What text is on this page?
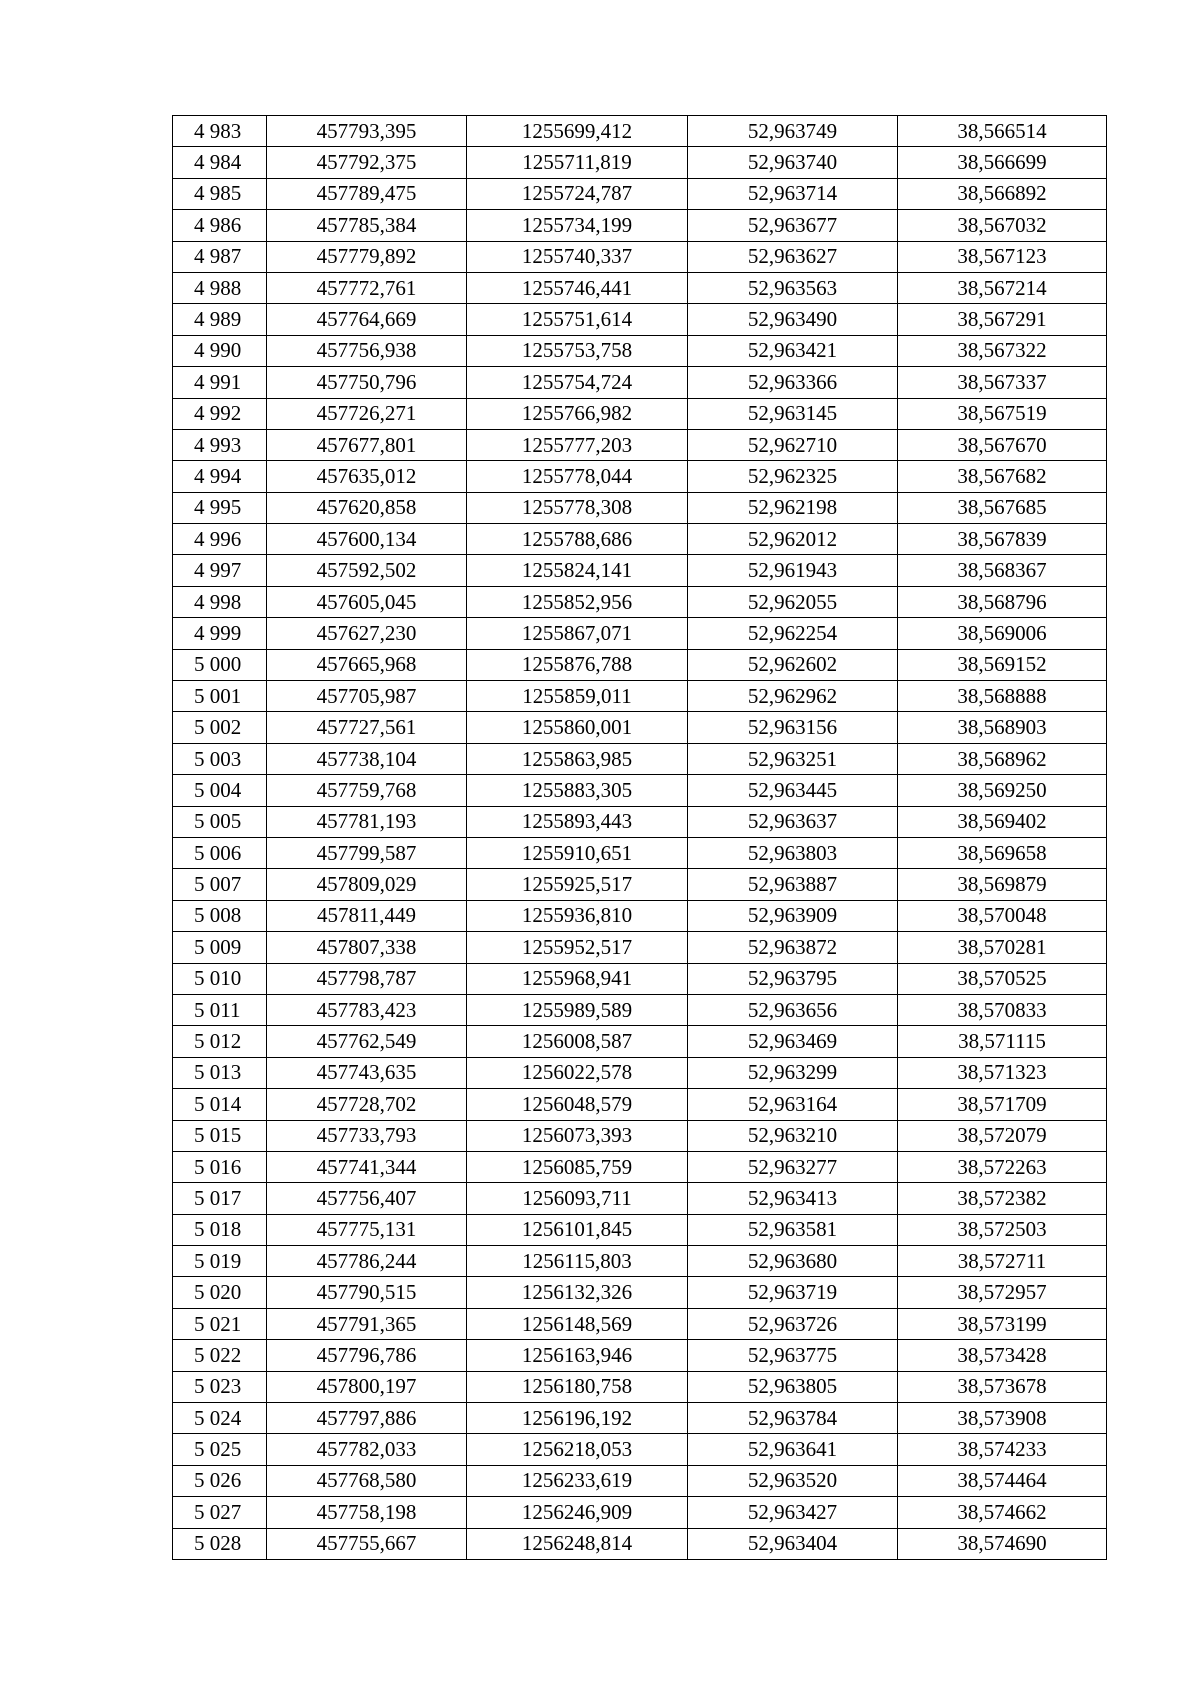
4 983	457793,395	1255699,412	52,963749	38,566514
4 984	457792,375	1255711,819	52,963740	38,566699
4 985	457789,475	1255724,787	52,963714	38,566892
4 986	457785,384	1255734,199	52,963677	38,567032
4 987	457779,892	1255740,337	52,963627	38,567123
4 988	457772,761	1255746,441	52,963563	38,567214
4 989	457764,669	1255751,614	52,963490	38,567291
4 990	457756,938	1255753,758	52,963421	38,567322
4 991	457750,796	1255754,724	52,963366	38,567337
4 992	457726,271	1255766,982	52,963145	38,567519
4 993	457677,801	1255777,203	52,962710	38,567670
4 994	457635,012	1255778,044	52,962325	38,567682
4 995	457620,858	1255778,308	52,962198	38,567685
4 996	457600,134	1255788,686	52,962012	38,567839
4 997	457592,502	1255824,141	52,961943	38,568367
4 998	457605,045	1255852,956	52,962055	38,568796
4 999	457627,230	1255867,071	52,962254	38,569006
5 000	457665,968	1255876,788	52,962602	38,569152
5 001	457705,987	1255859,011	52,962962	38,568888
5 002	457727,561	1255860,001	52,963156	38,568903
5 003	457738,104	1255863,985	52,963251	38,568962
5 004	457759,768	1255883,305	52,963445	38,569250
5 005	457781,193	1255893,443	52,963637	38,569402
5 006	457799,587	1255910,651	52,963803	38,569658
5 007	457809,029	1255925,517	52,963887	38,569879
5 008	457811,449	1255936,810	52,963909	38,570048
5 009	457807,338	1255952,517	52,963872	38,570281
5 010	457798,787	1255968,941	52,963795	38,570525
5 011	457783,423	1255989,589	52,963656	38,570833
5 012	457762,549	1256008,587	52,963469	38,571115
5 013	457743,635	1256022,578	52,963299	38,571323
5 014	457728,702	1256048,579	52,963164	38,571709
5 015	457733,793	1256073,393	52,963210	38,572079
5 016	457741,344	1256085,759	52,963277	38,572263
5 017	457756,407	1256093,711	52,963413	38,572382
5 018	457775,131	1256101,845	52,963581	38,572503
5 019	457786,244	1256115,803	52,963680	38,572711
5 020	457790,515	1256132,326	52,963719	38,572957
5 021	457791,365	1256148,569	52,963726	38,573199
5 022	457796,786	1256163,946	52,963775	38,573428
5 023	457800,197	1256180,758	52,963805	38,573678
5 024	457797,886	1256196,192	52,963784	38,573908
5 025	457782,033	1256218,053	52,963641	38,574233
5 026	457768,580	1256233,619	52,963520	38,574464
5 027	457758,198	1256246,909	52,963427	38,574662
5 028	457755,667	1256248,814	52,963404	38,574690
